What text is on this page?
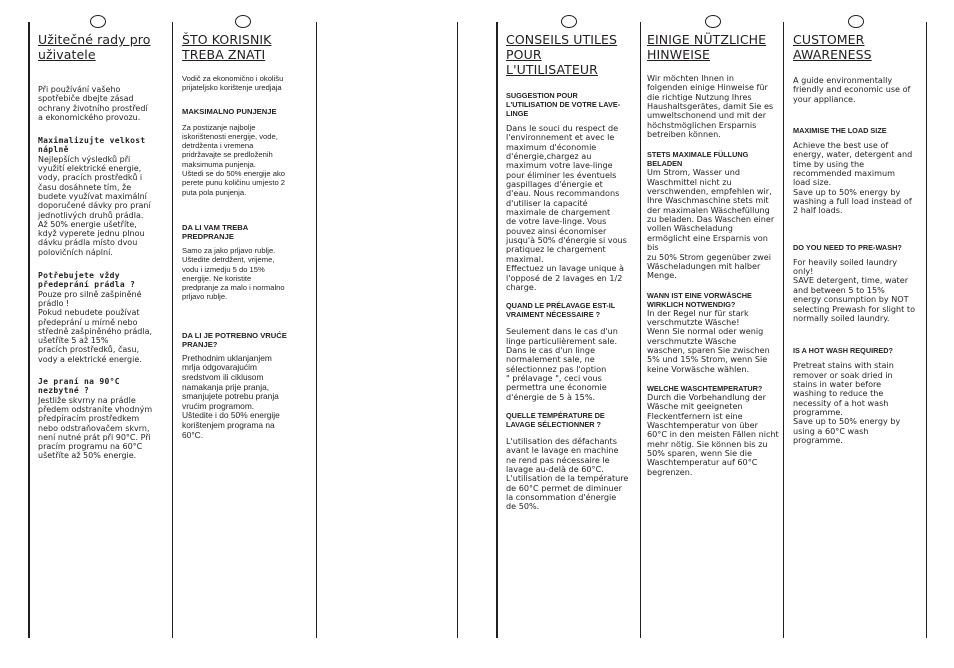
Užitečné rady pro uživatele

Při používání vašeho
spotřebiče dbejte zásad
ochrany životního prostředí
a ekonomického provozu.

Maximalizujte velkost
náplně

Nejlepších výsledků při
využití elektrické energie,
vody, pracích prostředků i
času dosáhnete tím, že
budete využívat maximální
doporučené dávky pro praní
jednotlivých druhů prádla.
Až 50% energie ušetříte,
když vyperete jednu plnou
dávku prádla místo dvou
polovičních náplní.

Potřebujete vždy
předeprání prádla ?

Pouze pro silně zašpiněné
prádlo !
Pokud nebudete používat
předeprání u mírně nebo
středně zašpiněného prádla,
ušetříte 5 až 15%
pracích prostředků, času,
vody a elektrické energie.

Je praní na 90°C
nezbytné ?

Jestliže skvrny na prádle
předem odstraníte vhodným
předpíracím prostředkem
nebo odstraňovačem skvrn,
není nutné prát při 90°C. Při
pracím programu na 60°C
ušetříte až 50% energie.

ŠTO KORISNIK TREBA ZNATI

Vodič za ekonomično i okolišu
prijateljsko korištenje uredjaja

MAKSIMALNO PUNJENJE

Za postizanje najbolje
iskorištenosti energije, vode,
detrdženta i vremena
pridržavajte se predloženih
maksimuma punjenja.
Uštedi se do 50% energije ako
perete punu količinu umjesto 2
puta pola punjenja.

DA LI VAM TREBA
PREDPRANJE

Samo za jako prljavo rublje.
Uštedite detrdžent, vrijeme,
vodu i izmedju 5 do 15%
energije. Ne koristite
predpranje za malo i normalno
prljavo rublje.

DA LI JE POTREBNO VRUĆE
PRANJE?

Prethodnim uklanjanjem
mrlja odgovarajućim
sredstvom ili ciklusom
namakanja prije pranja,
smanjujete potrebu pranja
vrućim programom.
Uštedite i do 50% energije
korištenjem programa na
60°C.

CONSEILS UTILES
POUR L'UTILISATEUR

SUGGESTION POUR
L'UTILISATION DE VOTRE LAVE-
LINGE

Dans le souci du respect de
l'environnement et avec le
maximum d'économie
d'énergie,chargez au
maximum votre lave-linge
pour éliminer les éventuels
gaspillages d'énergie et
d'eau. Nous recommandons
d'utiliser la capacité
maximale de chargement
de votre lave-linge. Vous
pouvez ainsi économiser
jusqu'à 50% d'énergie si vous
pratiquez le chargement
maximal.
Effectuez un lavage unique à
l'opposé de 2 lavages en 1/2
charge.

QUAND LE PRÉLAVAGE EST-IL
VRAIMENT NÉCESSAIRE ?

Seulement dans le cas d'un
linge particulièrement sale.
Dans le cas d'un linge
normalement sale, ne
sélectionnez pas l'option
" prélavage ", ceci vous
permettra une économie
d'énergie de 5 à 15%.

QUELLE TEMPÉRATURE DE
LAVAGE SÉLECTIONNER ?

L'utilisation des défachants
avant le lavage en machine
ne rend pas nécessaire le
lavage au-delà de 60°C.
L'utilisation de la température
de 60°C permet de diminuer
la consommation d'énergie
de 50%.

EINIGE NÜTZLICHE
HINWEISE

Wir möchten Ihnen in
folgenden einige Hinweise für
die richtige Nutzung Ihres
Haushaltsgerätes, damit Sie es
umweltschonend und mit der
höchstmöglichen Ersparnis
betreiben können.

STETS MAXIMALE FÜLLUNG
BELADEN

Um Strom, Wasser und
Waschmittel nicht zu
verschwenden, empfehlen wir,
Ihre Waschmaschine stets mit
der maximalen Wäschefüllung
zu beladen. Das Waschen einer
vollen Wäscheladung
ermöglicht eine Ersparnis von bis
zu 50% Strom gegenüber zwei
Wäscheladungen mit halber
Menge.

WANN IST EINE VORWÄSCHE
WIRKLICH NOTWENDIG?

In der Regel nur für stark
verschmutzte Wäsche!
Wenn Sie normal oder wenig
verschmutzte Wäsche
waschen, sparen Sie zwischen
5% und 15% Strom, wenn Sie
keine Vorwäsche wählen.

WELCHE WASCHTEMPERATUR?

Durch die Vorbehandlung der
Wäsche mit geeigneten
Fleckentfernern ist eine
Waschtemperatur von über
60°C in den meisten Fällen nicht
mehr nötig. Sie können bis zu
50% sparen, wenn Sie die
Waschtemperatur auf 60°C
begrenzen.

CUSTOMER
AWARENESS

A guide environmentally
friendly and economic use of
your appliance.

MAXIMISE THE LOAD SIZE

Achieve the best use of
energy, water, detergent and
time by using the
recommended maximum
load size.
Save up to 50% energy by
washing a full load instead of
2 half loads.

DO YOU NEED TO PRE-WASH?

For heavily soiled laundry
only!
SAVE detergent, time, water
and between 5 to 15%
energy consumption by NOT
selecting Prewash for slight to
normally soiled laundry.

IS A HOT WASH REQUIRED?

Pretreat stains with stain
remover or soak dried in
stains in water before
washing to reduce the
necessity of a hot wash
programme.
Save up to 50% energy by
using a 60°C wash
programme.
